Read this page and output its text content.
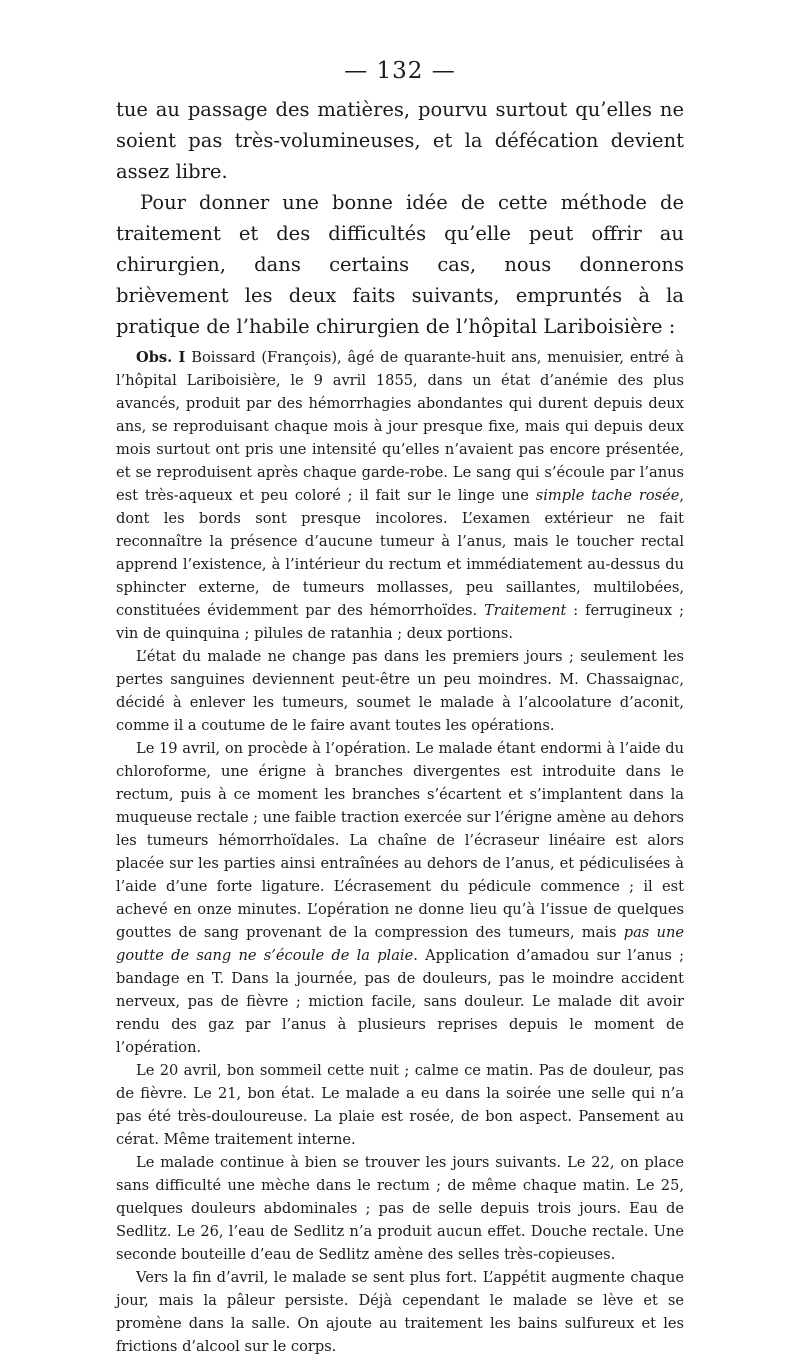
— 132 —

tue au passage des matières, pourvu surtout qu’elles ne soient pas très-volumineuses, et la défécation devient assez libre.

Pour donner une bonne idée de cette méthode de traitement et des difficultés qu’elle peut offrir au chirurgien, dans certains cas, nous donnerons brièvement les deux faits suivants, empruntés à la pratique de l’habile chirurgien de l’hôpital Lariboisière :

Obs. I Boissard (François), âgé de quarante-huit ans, menuisier, entré à l’hôpital Lariboisière, le 9 avril 1855, dans un état d’anémie des plus avancés, produit par des hémorrhagies abondantes qui durent depuis deux ans, se reproduisant chaque mois à jour presque fixe, mais qui depuis deux mois surtout ont pris une intensité qu’elles n’avaient pas encore présentée, et se reproduisent après chaque garde-robe. Le sang qui s’écoule par l’anus est très-aqueux et peu coloré ; il fait sur le linge une simple tache rosée, dont les bords sont presque incolores. L’examen extérieur ne fait reconnaître la présence d’aucune tumeur à l’anus, mais le toucher rectal apprend l’existence, à l’intérieur du rectum et immédiatement au-dessus du sphincter externe, de tumeurs mollasses, peu saillantes, multilobées, constituées évidemment par des hémorrhoïdes. Traitement : ferrugineux ; vin de quinquina ; pilules de ratanhia ; deux portions.

L’état du malade ne change pas dans les premiers jours ; seulement les pertes sanguines deviennent peut-être un peu moindres. M. Chassaignac, décidé à enlever les tumeurs, soumet le malade à l’alcoolature d’aconit, comme il a coutume de le faire avant toutes les opérations.

Le 19 avril, on procède à l’opération. Le malade étant endormi à l’aide du chloroforme, une érigne à branches divergentes est introduite dans le rectum, puis à ce moment les branches s’écartent et s’implantent dans la muqueuse rectale ; une faible traction exercée sur l’érigne amène au dehors les tumeurs hémorrhoïdales. La chaîne de l’écraseur linéaire est alors placée sur les parties ainsi entraînées au dehors de l’anus, et pédiculisées à l’aide d’une forte ligature. L’écrasement du pédicule commence ; il est achevé en onze minutes. L’opération ne donne lieu qu’à l’issue de quelques gouttes de sang provenant de la compression des tumeurs, mais pas une goutte de sang ne s’écoule de la plaie. Application d’amadou sur l’anus ; bandage en T. Dans la journée, pas de douleurs, pas le moindre accident nerveux, pas de fièvre ; miction facile, sans douleur. Le malade dit avoir rendu des gaz par l’anus à plusieurs reprises depuis le moment de l’opération.

Le 20 avril, bon sommeil cette nuit ; calme ce matin. Pas de douleur, pas de fièvre. Le 21, bon état. Le malade a eu dans la soirée une selle qui n’a pas été très-douloureuse. La plaie est rosée, de bon aspect. Pansement au cérat. Même traitement interne.

Le malade continue à bien se trouver les jours suivants. Le 22, on place sans difficulté une mèche dans le rectum ; de même chaque matin. Le 25, quelques douleurs abdominales ; pas de selle depuis trois jours. Eau de Sedlitz. Le 26, l’eau de Sedlitz n’a produit aucun effet. Douche rectale. Une seconde bouteille d’eau de Sedlitz amène des selles très-copieuses.

Vers la fin d’avril, le malade se sent plus fort. L’appétit augmente chaque jour, mais la pâleur persiste. Déjà cependant le malade se lève et se promène dans la salle. On ajoute au traitement les bains sulfureux et les frictions d’alcool sur le corps.
